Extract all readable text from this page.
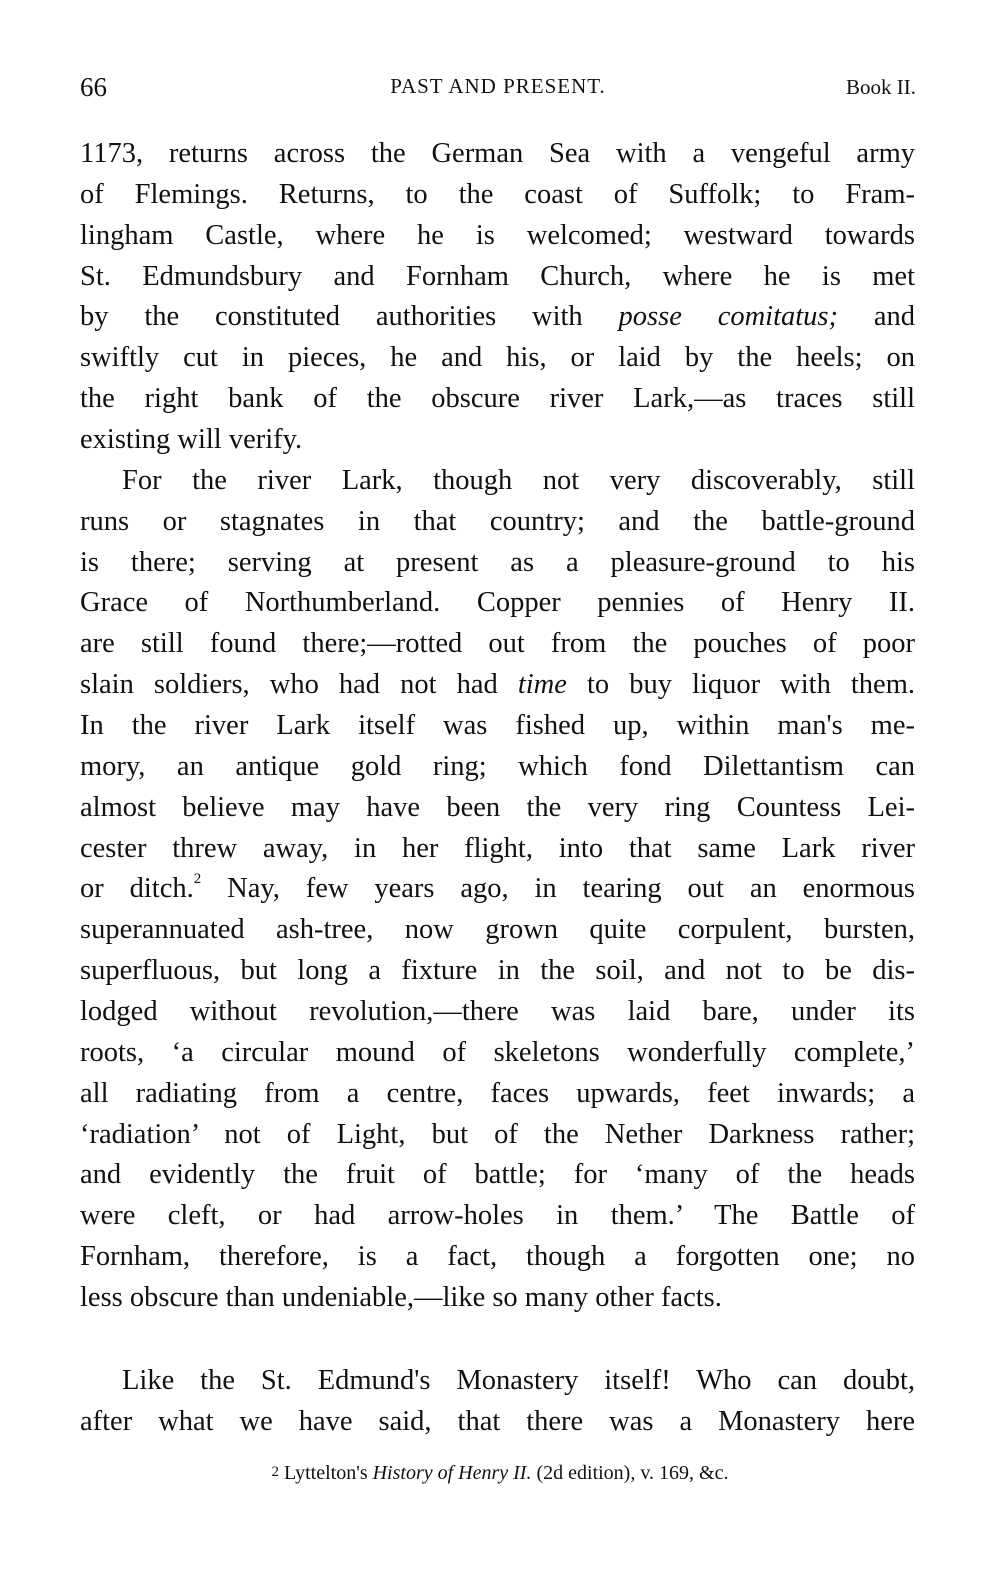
66	PAST AND PRESENT.	Book II.
1173, returns across the German Sea with a vengeful army
of Flemings. Returns, to the coast of Suffolk; to Fram-
lingham Castle, where he is welcomed; westward towards
St. Edmundsbury and Fornham Church, where he is met
by the constituted authorities with posse comitatus; and
swiftly cut in pieces, he and his, or laid by the heels; on
the right bank of the obscure river Lark,—as traces still
existing will verify.
For the river Lark, though not very discoverably, still
runs or stagnates in that country; and the battle-ground
is there; serving at present as a pleasure-ground to his
Grace of Northumberland. Copper pennies of Henry II.
are still found there;—rotted out from the pouches of poor
slain soldiers, who had not had time to buy liquor with them.
In the river Lark itself was fished up, within man's me-
mory, an antique gold ring; which fond Dilettantism can
almost believe may have been the very ring Countess Lei-
cester threw away, in her flight, into that same Lark river
or ditch.$^2$ Nay, few years ago, in tearing out an enormous
superannuated ash-tree, now grown quite corpulent, bursten,
superfluous, but long a fixture in the soil, and not to be dis-
lodged without revolution,—there was laid bare, under its
roots, ‘a circular mound of skeletons wonderfully complete,’
all radiating from a centre, faces upwards, feet inwards; a
‘radiation’ not of Light, but of the Nether Darkness rather;
and evidently the fruit of battle; for ‘many of the heads
were cleft, or had arrow-holes in them.’ The Battle of
Fornham, therefore, is a fact, though a forgotten one; no
less obscure than undeniable,—like so many other facts.
Like the St. Edmund's Monastery itself! Who can doubt,
after what we have said, that there was a Monastery here
$^2$ Lyttelton's History of Henry II. (2d edition), v. 169, &c.
